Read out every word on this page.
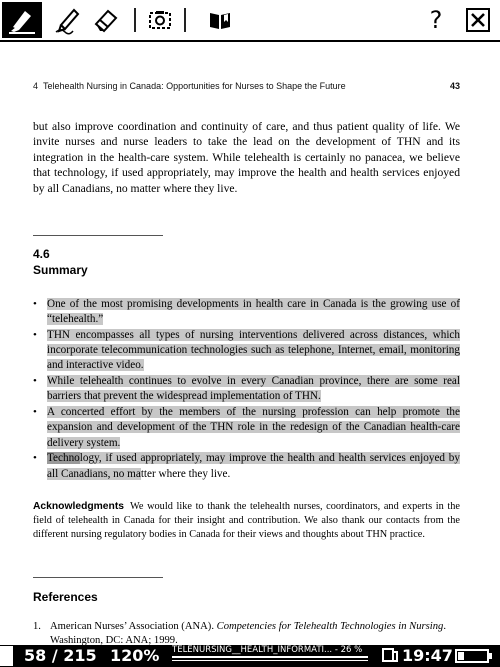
?
4 Telehealth Nursing in Canada: Opportunities for Nurses to Shape the Future	43
but also improve coordination and continuity of care, and thus patient quality of life. We invite nurses and nurse leaders to take the lead on the development of THN and its integration in the health-care system. While telehealth is certainly no panacea, we believe that technology, if used appropriately, may improve the health and health services enjoyed by all Canadians, no matter where they live.
4.6
Summary
• One of the most promising developments in health care in Canada is the growing use of “telehealth.”
• THN encompasses all types of nursing interventions delivered across distances, which incorporate telecommunication technologies such as telephone, Internet, email, monitoring and interactive video.
• While telehealth continues to evolve in every Canadian province, there are some real barriers that prevent the widespread implementation of THN.
• A concerted effort by the members of the nursing profession can help promote the expansion and development of the THN role in the redesign of the Canadian health-care delivery system.
• Technology, if used appropriately, may improve the health and health services enjoyed by all Canadians, no matter where they live.
Acknowledgments We would like to thank the telehealth nurses, coordinators, and experts in the field of telehealth in Canada for their insight and contribution. We also thank our contacts from the different nursing regulatory bodies in Canada for their views and thoughts about THN practice.
References
1. American Nurses’ Association (ANA). Competencies for Telehealth Technologies in Nursing. Washington, DC: ANA; 1999.
58 / 215 120% TELENURSING__HEALTH_INFORMATI... - 26 %	19:47
